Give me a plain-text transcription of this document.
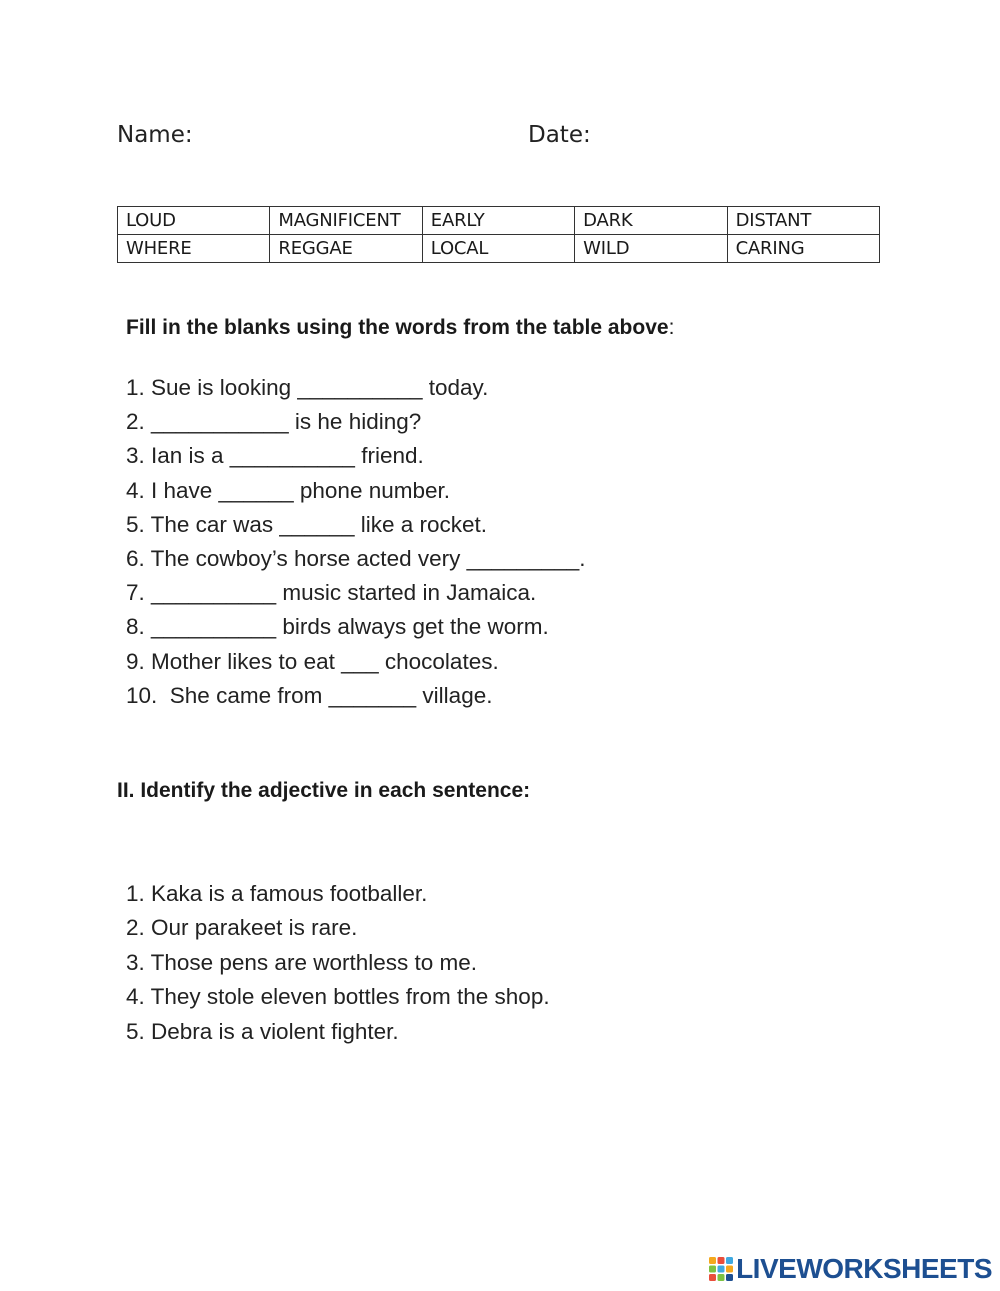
Name:	Date:
LOUD	MAGNIFICENT	EARLY	DARK	DISTANT
WHERE	REGGAE	LOCAL	WILD	CARING
Fill in the blanks using the words from the table above:
1. Sue is looking __________ today.
2. ___________ is he hiding?
3. Ian is a __________ friend.
4. I have ______ phone number.
5. The car was ______ like a rocket.
6. The cowboy’s horse acted very _________.
7. __________ music started in Jamaica.
8. __________ birds always get the worm.
9. Mother likes to eat ___ chocolates.
10.  She came from _______ village.
II. Identify the adjective in each sentence:
1. Kaka is a famous footballer.
2. Our parakeet is rare.
3. Those pens are worthless to me.
4. They stole eleven bottles from the shop.
5. Debra is a violent fighter.
LIVEWORKSHEETS
